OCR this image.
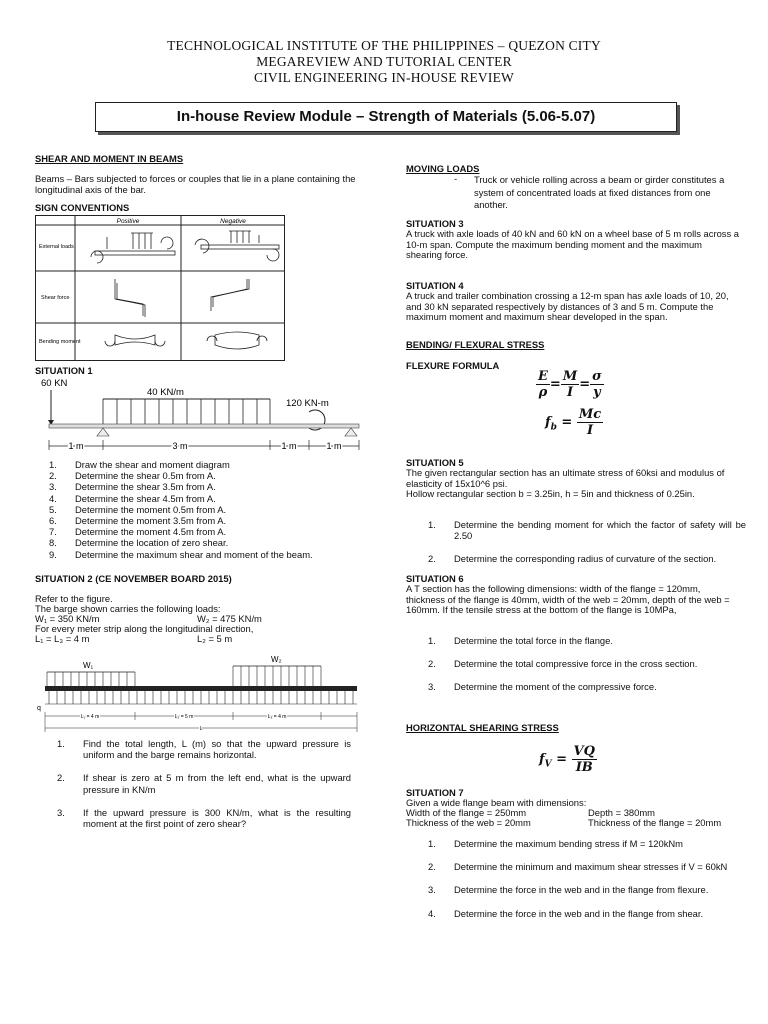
TECHNOLOGICAL INSTITUTE OF THE PHILIPPINES – QUEZON CITY
MEGAREVIEW AND TUTORIAL CENTER
CIVIL ENGINEERING IN-HOUSE REVIEW
In-house Review Module – Strength of Materials (5.06-5.07)
SHEAR AND MOMENT IN BEAMS
Beams – Bars subjected to forces or couples that lie in a plane containing the longitudinal axis of the bar.
SIGN CONVENTIONS
Positive	Negative
External loads
Shear force
Bending moment
SITUATION 1
60 KN
40 KN/m
120 KN-m
1 m	3 m	1 m	1 m
1.	Draw the shear and moment diagram
2.	Determine the shear 0.5m from A.
3.	Determine the shear 3.5m from A.
4.	Determine the shear 4.5m from A.
5.	Determine the moment 0.5m from A.
6.	Determine the moment 3.5m from A.
7.	Determine the moment 4.5m from A.
8.	Determine the location of zero shear.
9.	Determine the maximum shear and moment of the beam.
SITUATION 2 (CE NOVEMBER BOARD 2015)
Refer to the figure.
The barge shown carries the following loads:
W₁ = 350 KN/m	W₂ = 475 KN/m
For every meter strip along the longitudinal direction,
L₁ = L₃ = 4 m	L₂ = 5 m
W₁
W₂
q
L₁ = 4 m	L₂ = 5 m	L₃ = 4 m
L
1.	Find the total length, L (m) so that the upward pressure is uniform and the barge remains horizontal.
2.	If shear is zero at 5 m from the left end, what is the upward pressure in KN/m
3.	If the upward pressure is 300 KN/m, what is the resulting moment at the first point of zero shear?
MOVING LOADS
- Truck or vehicle rolling across a beam or girder constitutes a system of concentrated loads at fixed distances from one another.
SITUATION 3
A truck with axle loads of 40 kN and 60 kN on a wheel base of 5 m rolls across a 10-m span. Compute the maximum bending moment and the maximum shearing force.
SITUATION 4
A truck and trailer combination crossing a 12-m span has axle loads of 10, 20, and 30 kN separated respectively by distances of 3 and 5 m. Compute the maximum moment and maximum shear developed in the span.
BENDING/ FLEXURAL STRESS
FLEXURE FORMULA
$\frac{E}{\rho} = \frac{M}{I} = \frac{\sigma}{y}$
$f_b = \frac{Mc}{I}$
SITUATION 5
The given rectangular section has an ultimate stress of 60ksi and modulus of elasticity of 15x10^6 psi.
Hollow rectangular section b = 3.25in, h = 5in and thickness of 0.25in.
1.	Determine the bending moment for which the factor of safety will be 2.50
2.	Determine the corresponding radius of curvature of the section.
SITUATION 6
A T section has the following dimensions: width of the flange = 120mm, thickness of the flange is 40mm, width of the web = 20mm, depth of the web = 160mm. If the tensile stress at the bottom of the flange is 10MPa,
1.	Determine the total force in the flange.
2.	Determine the total compressive force in the cross section.
3.	Determine the moment of the compressive force.
HORIZONTAL SHEARING STRESS
$f_V = \frac{VQ}{IB}$
SITUATION 7
Given a wide flange beam with dimensions:
Width of the flange = 250mm	Depth = 380mm
Thickness of the web = 20mm	Thickness of the flange = 20mm
1.	Determine the maximum bending stress if M = 120kNm
2.	Determine the minimum and maximum shear stresses if V = 60kN
3.	Determine the force in the web and in the flange from flexure.
4.	Determine the force in the web and in the flange from shear.
